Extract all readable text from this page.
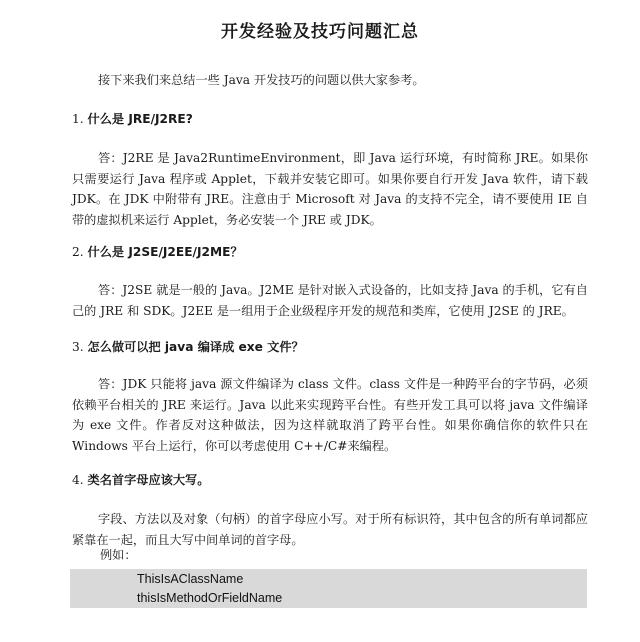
开发经验及技巧问题汇总
接下来我们来总结一些 Java 开发技巧的问题以供大家参考。
1. 什么是 JRE/J2RE?
答：J2RE 是 Java2RuntimeEnvironment，即 Java 运行环境，有时简称 JRE。如果你只需要运行 Java 程序或 Applet，下载并安装它即可。如果你要自行开发 Java 软件，请下载 JDK。在 JDK 中附带有 JRE。注意由于 Microsoft 对 Java 的支持不完全，请不要使用 IE 自带的虚拟机来运行 Applet，务必安装一个 JRE 或 JDK。
2. 什么是 J2SE/J2EE/J2ME？
答：J2SE 就是一般的 Java。J2ME 是针对嵌入式设备的，比如支持 Java 的手机，它有自己的 JRE 和 SDK。J2EE 是一组用于企业级程序开发的规范和类库，它使用 J2SE 的 JRE。
3. 怎么做可以把 java 编译成 exe 文件？
答：JDK 只能将 java 源文件编译为 class 文件。class 文件是一种跨平台的字节码，必须依赖平台相关的 JRE 来运行。Java 以此来实现跨平台性。有些开发工具可以将 java 文件编译为 exe 文件。作者反对这种做法，因为这样就取消了跨平台性。如果你确信你的软件只在 Windows 平台上运行，你可以考虑使用 C++/C#来编程。
4. 类名首字母应该大写。
字段、方法以及对象（句柄）的首字母应小写。对于所有标识符，其中包含的所有单词都应紧靠在一起，而且大写中间单词的首字母。
例如：
ThisIsAClassName
thisIsMethodOrFieldName
